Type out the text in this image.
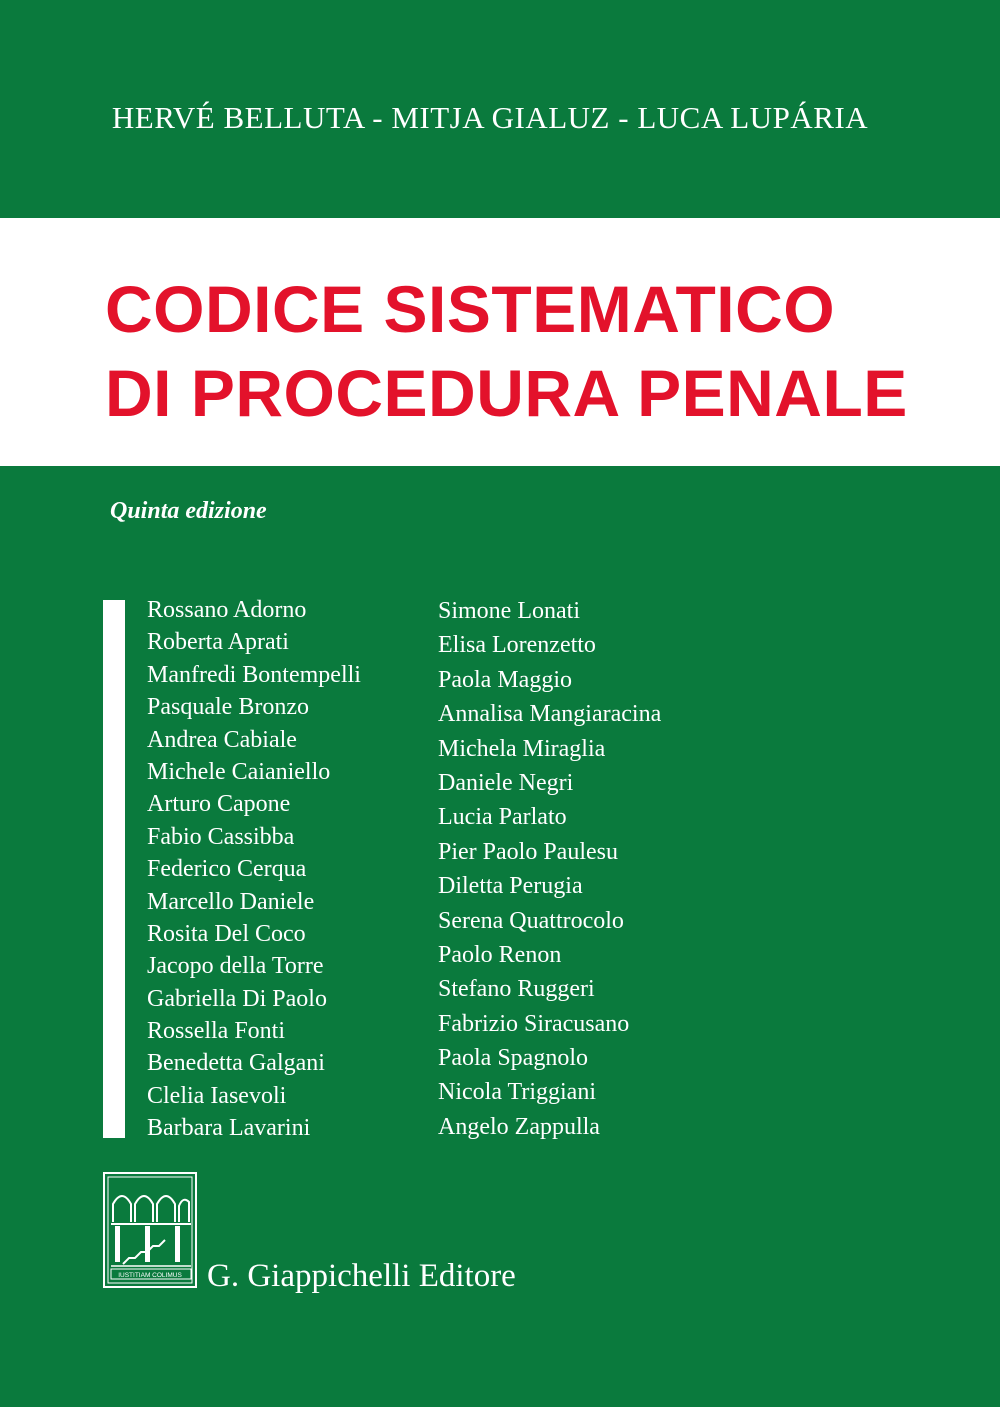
HERVÉ BELLUTA - MITJA GIALUZ - LUCA LUPÁRIA
CODICE SISTEMATICO
DI PROCEDURA PENALE
Quinta edizione
Rossano Adorno
Roberta Aprati
Manfredi Bontempelli
Pasquale Bronzo
Andrea Cabiale
Michele Caianiello
Arturo Capone
Fabio Cassibba
Federico Cerqua
Marcello Daniele
Rosita Del Coco
Jacopo della Torre
Gabriella Di Paolo
Rossella Fonti
Benedetta Galgani
Clelia Iasevoli
Barbara Lavarini
Simone Lonati
Elisa Lorenzetto
Paola Maggio
Annalisa Mangiaracina
Michela Miraglia
Daniele Negri
Lucia Parlato
Pier Paolo Paulesu
Diletta Perugia
Serena Quattrocolo
Paolo Renon
Stefano Ruggeri
Fabrizio Siracusano
Paola Spagnolo
Nicola Triggiani
Angelo Zappulla
IUSTITIAM COLIMUS G. Giappichelli Editore
